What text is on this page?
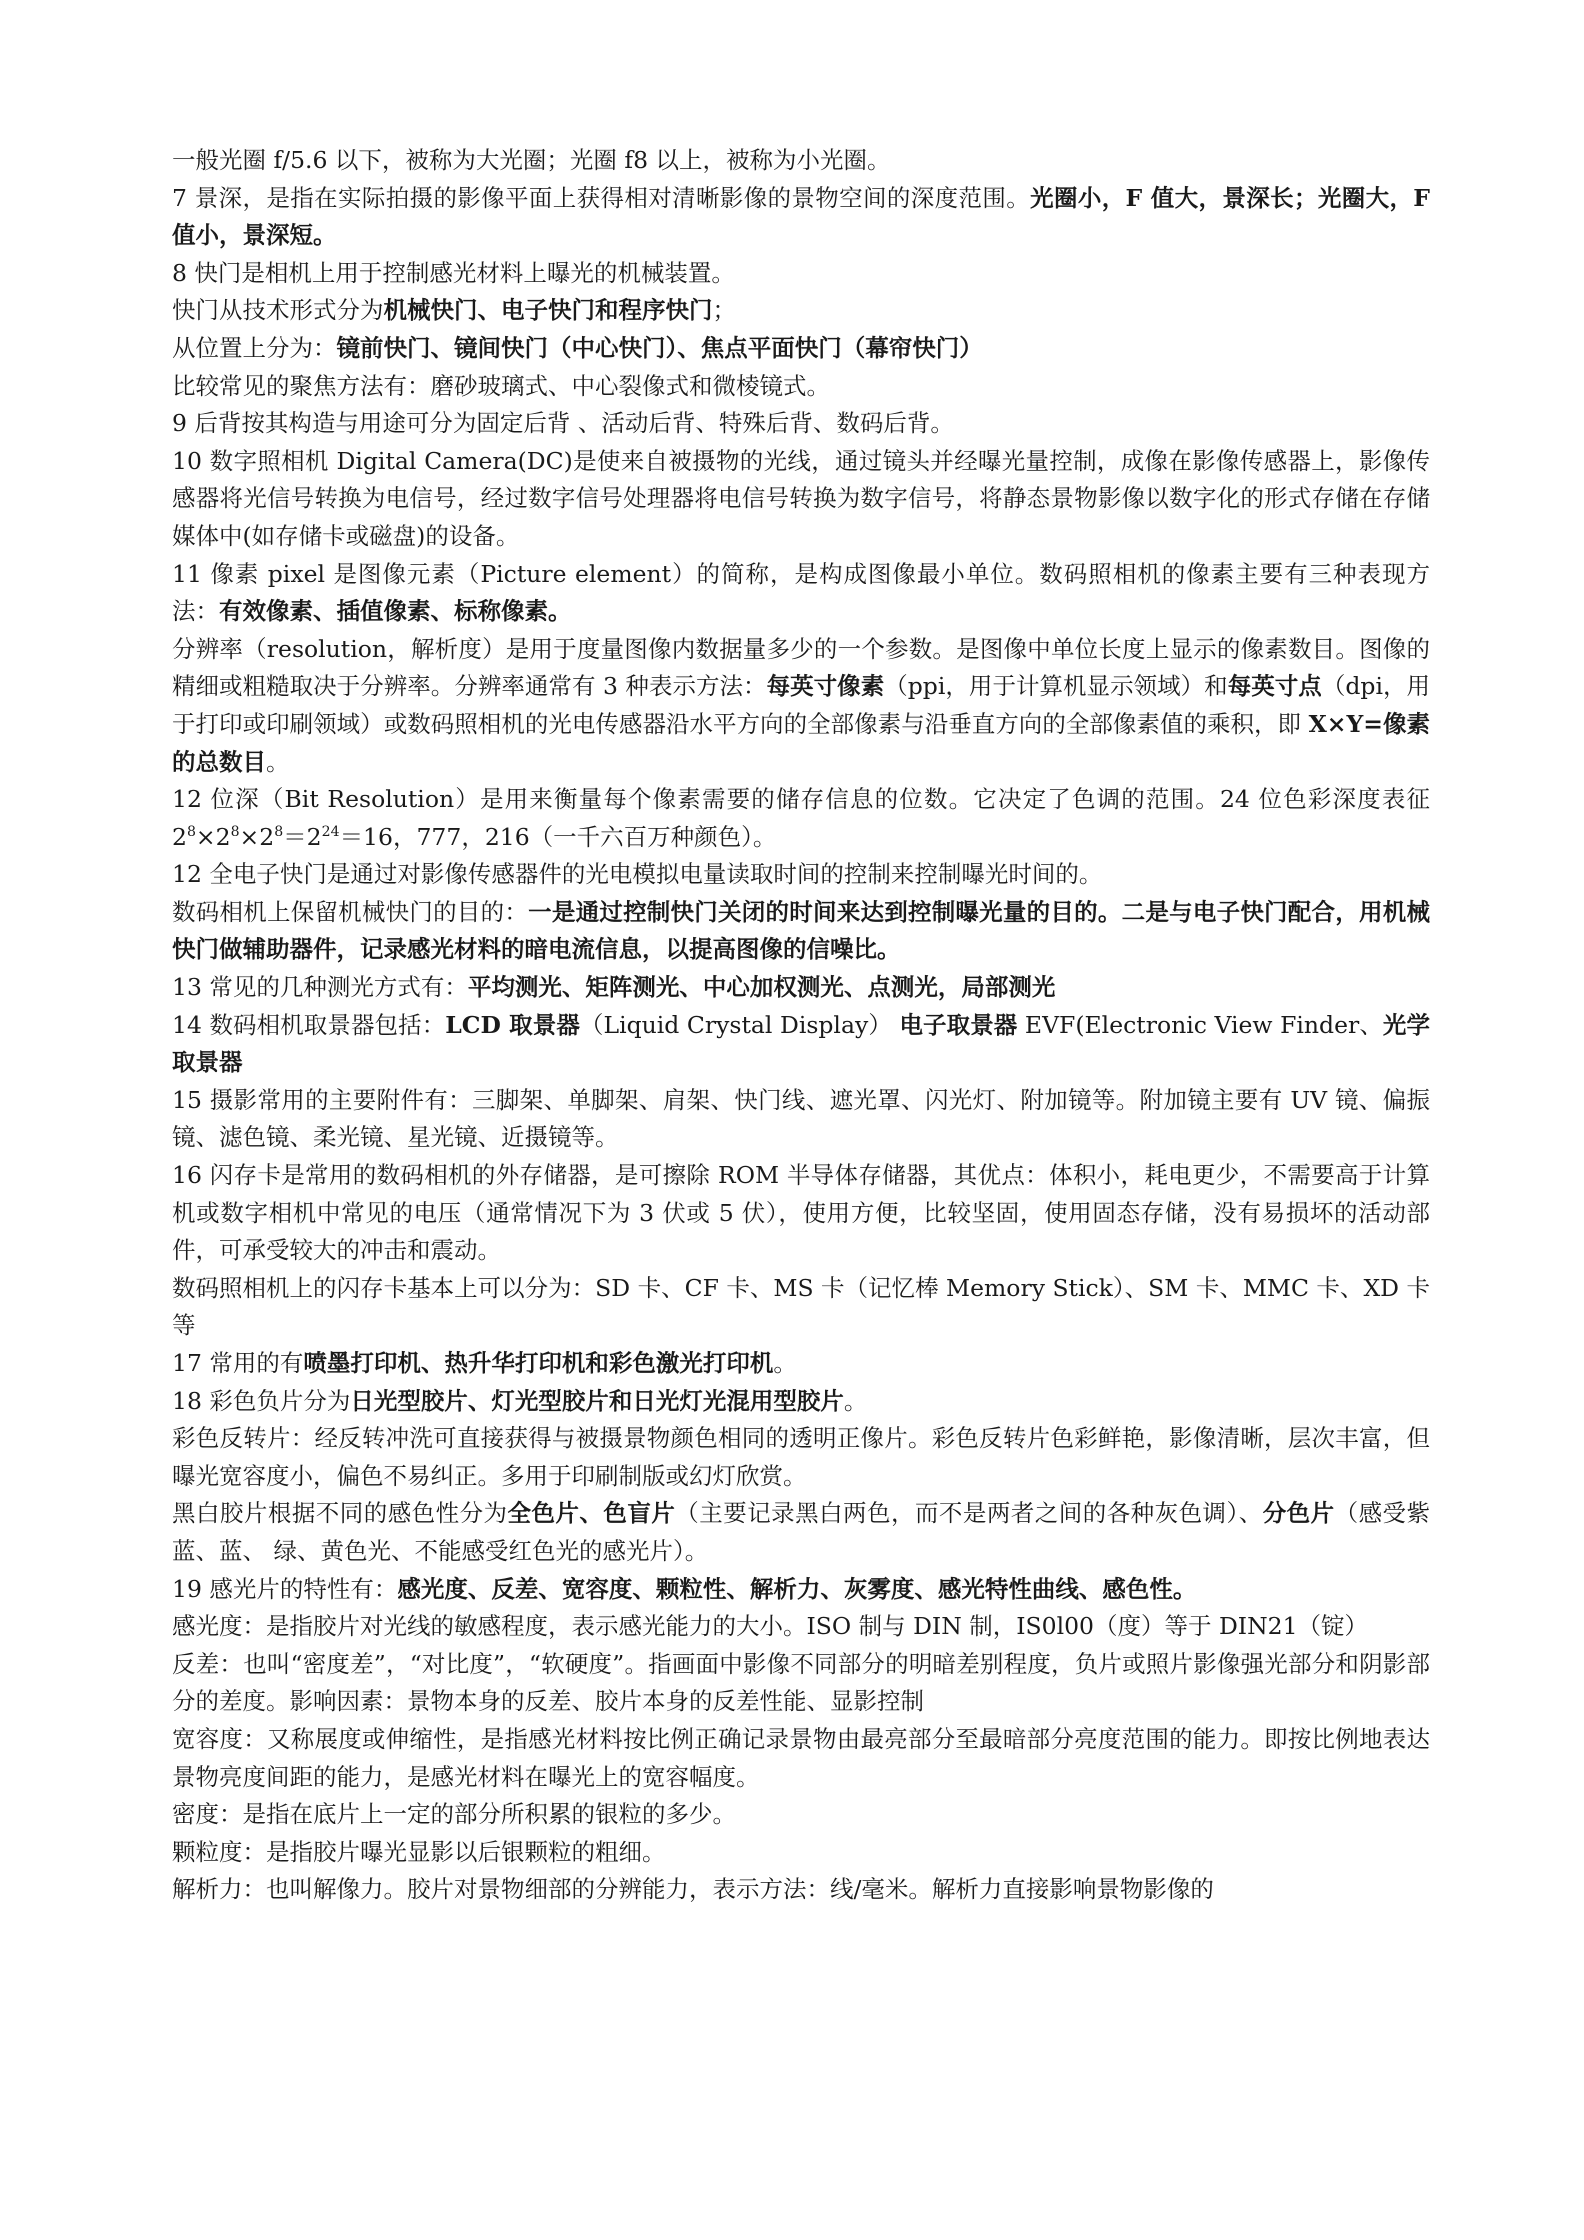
一般光圈 f/5.6 以下，被称为大光圈；光圈 f8 以上，被称为小光圈。

7 景深，是指在实际拍摄的影像平面上获得相对清晰影像的景物空间的深度范围。光圈小，F 值大，景深长；光圈大，F 值小，景深短。

8 快门是相机上用于控制感光材料上曝光的机械装置。

快门从技术形式分为机械快门、电子快门和程序快门；

从位置上分为：镜前快门、镜间快门（中心快门）、焦点平面快门（幕帘快门）

比较常见的聚焦方法有：磨砂玻璃式、中心裂像式和微棱镜式。

9 后背按其构造与用途可分为固定后背 、活动后背、特殊后背、数码后背。

10 数字照相机 Digital Camera(DC)是使来自被摄物的光线，通过镜头并经曝光量控制，成像在影像传感器上，影像传感器将光信号转换为电信号，经过数字信号处理器将电信号转换为数字信号，将静态景物影像以数字化的形式存储在存储媒体中(如存储卡或磁盘)的设备。

11 像素 pixel 是图像元素（Picture element）的简称，是构成图像最小单位。数码照相机的像素主要有三种表现方法：有效像素、插值像素、标称像素。

分辨率（resolution，解析度）是用于度量图像内数据量多少的一个参数。是图像中单位长度上显示的像素数目。图像的精细或粗糙取决于分辨率。分辨率通常有 3 种表示方法：每英寸像素（ppi，用于计算机显示领域）和每英寸点（dpi，用于打印或印刷领域）或数码照相机的光电传感器沿水平方向的全部像素与沿垂直方向的全部像素值的乘积，即 X×Y=像素的总数目。

12 位深（Bit Resolution）是用来衡量每个像素需要的储存信息的位数。它决定了色调的范围。24 位色彩深度表征 $2^8\times 2^8\times 2^8=2^{24}=16$，777，216（一千六百万种颜色）。

12 全电子快门是通过对影像传感器件的光电模拟电量读取时间的控制来控制曝光时间的。

数码相机上保留机械快门的目的：一是通过控制快门关闭的时间来达到控制曝光量的目的。二是与电子快门配合，用机械快门做辅助器件，记录感光材料的暗电流信息，以提高图像的信噪比。

13 常见的几种测光方式有：平均测光、矩阵测光、中心加权测光、点测光，局部测光

14 数码相机取景器包括：LCD 取景器（Liquid Crystal Display） 电子取景器 EVF(Electronic View Finder、光学取景器

15 摄影常用的主要附件有：三脚架、单脚架、肩架、快门线、遮光罩、闪光灯、附加镜等。附加镜主要有 UV 镜、偏振镜、滤色镜、柔光镜、星光镜、近摄镜等。

16 闪存卡是常用的数码相机的外存储器，是可擦除 ROM 半导体存储器，其优点：体积小，耗电更少，不需要高于计算机或数字相机中常见的电压（通常情况下为 3 伏或 5 伏），使用方便，比较坚固，使用固态存储，没有易损坏的活动部件，可承受较大的冲击和震动。

数码照相机上的闪存卡基本上可以分为：SD 卡、CF 卡、MS 卡（记忆棒 Memory Stick）、SM 卡、MMC 卡、XD 卡等

17 常用的有喷墨打印机、热升华打印机和彩色激光打印机。

18 彩色负片分为日光型胶片、灯光型胶片和日光灯光混用型胶片。

彩色反转片：经反转冲洗可直接获得与被摄景物颜色相同的透明正像片。彩色反转片色彩鲜艳，影像清晰，层次丰富，但曝光宽容度小，偏色不易纠正。多用于印刷制版或幻灯欣赏。

黑白胶片根据不同的感色性分为全色片、色盲片（主要记录黑白两色，而不是两者之间的各种灰色调）、分色片（感受紫蓝、蓝、 绿、黄色光、不能感受红色光的感光片）。

19 感光片的特性有：感光度、反差、宽容度、颗粒性、解析力、灰雾度、感光特性曲线、感色性。

感光度：是指胶片对光线的敏感程度，表示感光能力的大小。ISO 制与 DIN 制，IS0l00（度）等于 DIN21（锭）

反差：也叫“密度差”，“对比度”，“软硬度”。指画面中影像不同部分的明暗差别程度，负片或照片影像强光部分和阴影部分的差度。影响因素：景物本身的反差、胶片本身的反差性能、显影控制

宽容度：又称展度或伸缩性，是指感光材料按比例正确记录景物由最亮部分至最暗部分亮度范围的能力。即按比例地表达景物亮度间距的能力，是感光材料在曝光上的宽容幅度。

密度：是指在底片上一定的部分所积累的银粒的多少。

颗粒度：是指胶片曝光显影以后银颗粒的粗细。

解析力：也叫解像力。胶片对景物细部的分辨能力，表示方法：线/毫米。解析力直接影响景物影像的
